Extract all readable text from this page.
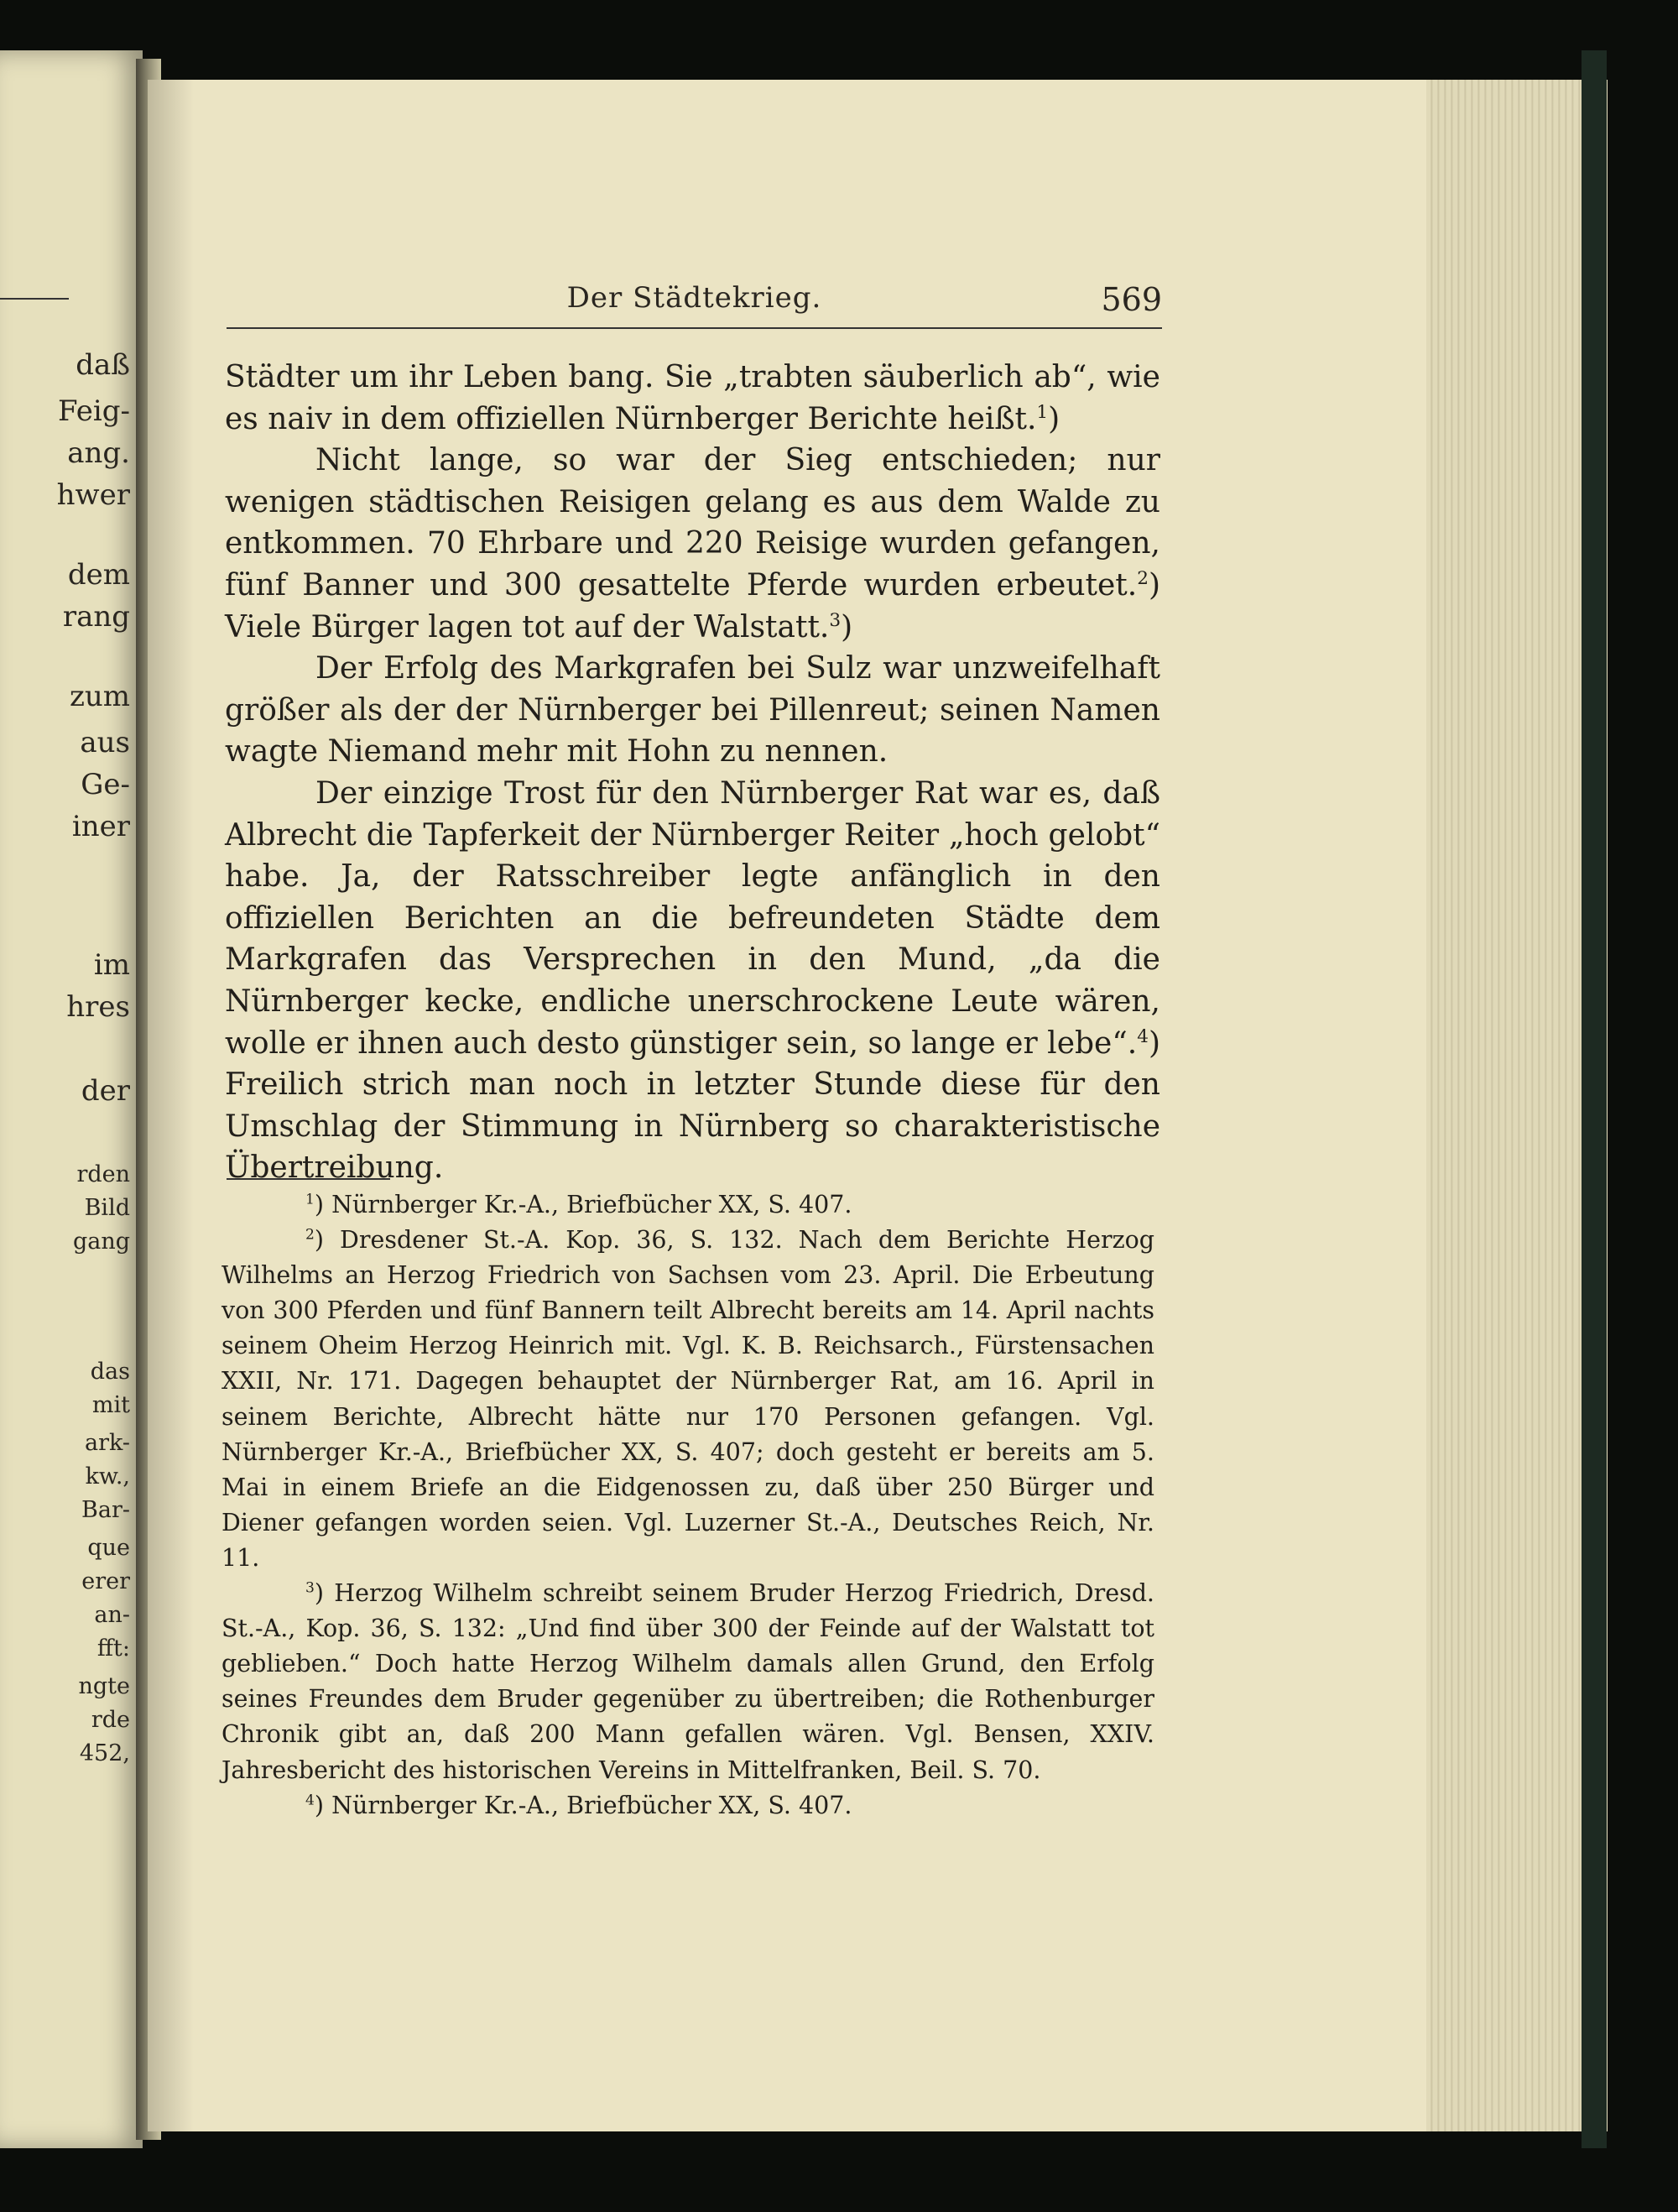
daß
Feig-
ang.
hwer
dem
rang
zum
aus
Ge-
iner
im
hres
der
rden
Bild
gang
das
mit
ark-
kw.,
Bar-
que
erer
an-
fft:
ngte
rde
452,
Der Städtekrieg.	569

Städter um ihr Leben bang. Sie „trabten säuberlich ab“, wie es naiv in dem offiziellen Nürnberger Berichte heißt.$^1$)

Nicht lange, so war der Sieg entschieden; nur wenigen städtischen Reisigen gelang es aus dem Walde zu entkommen. 70 Ehrbare und 220 Reisige wurden gefangen, fünf Banner und 300 gesattelte Pferde wurden erbeutet.$^2$) Viele Bürger lagen tot auf der Walstatt.$^3$)

Der Erfolg des Markgrafen bei Sulz war unzweifelhaft größer als der der Nürnberger bei Pillenreut; seinen Namen wagte Niemand mehr mit Hohn zu nennen.

Der einzige Trost für den Nürnberger Rat war es, daß Albrecht die Tapferkeit der Nürnberger Reiter „hoch gelobt“ habe. Ja, der Ratsschreiber legte anfänglich in den offiziellen Berichten an die befreundeten Städte dem Markgrafen das Versprechen in den Mund, „da die Nürnberger kecke, endliche unerschrockene Leute wären, wolle er ihnen auch desto günstiger sein, so lange er lebe“.$^4$) Freilich strich man noch in letzter Stunde diese für den Umschlag der Stimmung in Nürnberg so charakteristische Übertreibung.

$^1$) Nürnberger Kr.-A., Briefbücher XX, S. 407.

$^2$) Dresdener St.-A. Kop. 36, S. 132. Nach dem Berichte Herzog Wilhelms an Herzog Friedrich von Sachsen vom 23. April. Die Erbeutung von 300 Pferden und fünf Bannern teilt Albrecht bereits am 14. April nachts seinem Oheim Herzog Heinrich mit. Vgl. K. B. Reichsarch., Fürstensachen XXII, Nr. 171. Dagegen behauptet der Nürnberger Rat, am 16. April in seinem Berichte, Albrecht hätte nur 170 Personen gefangen. Vgl. Nürnberger Kr.-A., Briefbücher XX, S. 407; doch gesteht er bereits am 5. Mai in einem Briefe an die Eidgenossen zu, daß über 250 Bürger und Diener gefangen worden seien. Vgl. Luzerner St.-A., Deutsches Reich, Nr. 11.

$^3$) Herzog Wilhelm schreibt seinem Bruder Herzog Friedrich, Dresd. St.-A., Kop. 36, S. 132: „Und find über 300 der Feinde auf der Walstatt tot geblieben.“ Doch hatte Herzog Wilhelm damals allen Grund, den Erfolg seines Freundes dem Bruder gegenüber zu übertreiben; die Rothenburger Chronik gibt an, daß 200 Mann gefallen wären. Vgl. Bensen, XXIV. Jahresbericht des historischen Vereins in Mittelfranken, Beil. S. 70.

$^4$) Nürnberger Kr.-A., Briefbücher XX, S. 407.
